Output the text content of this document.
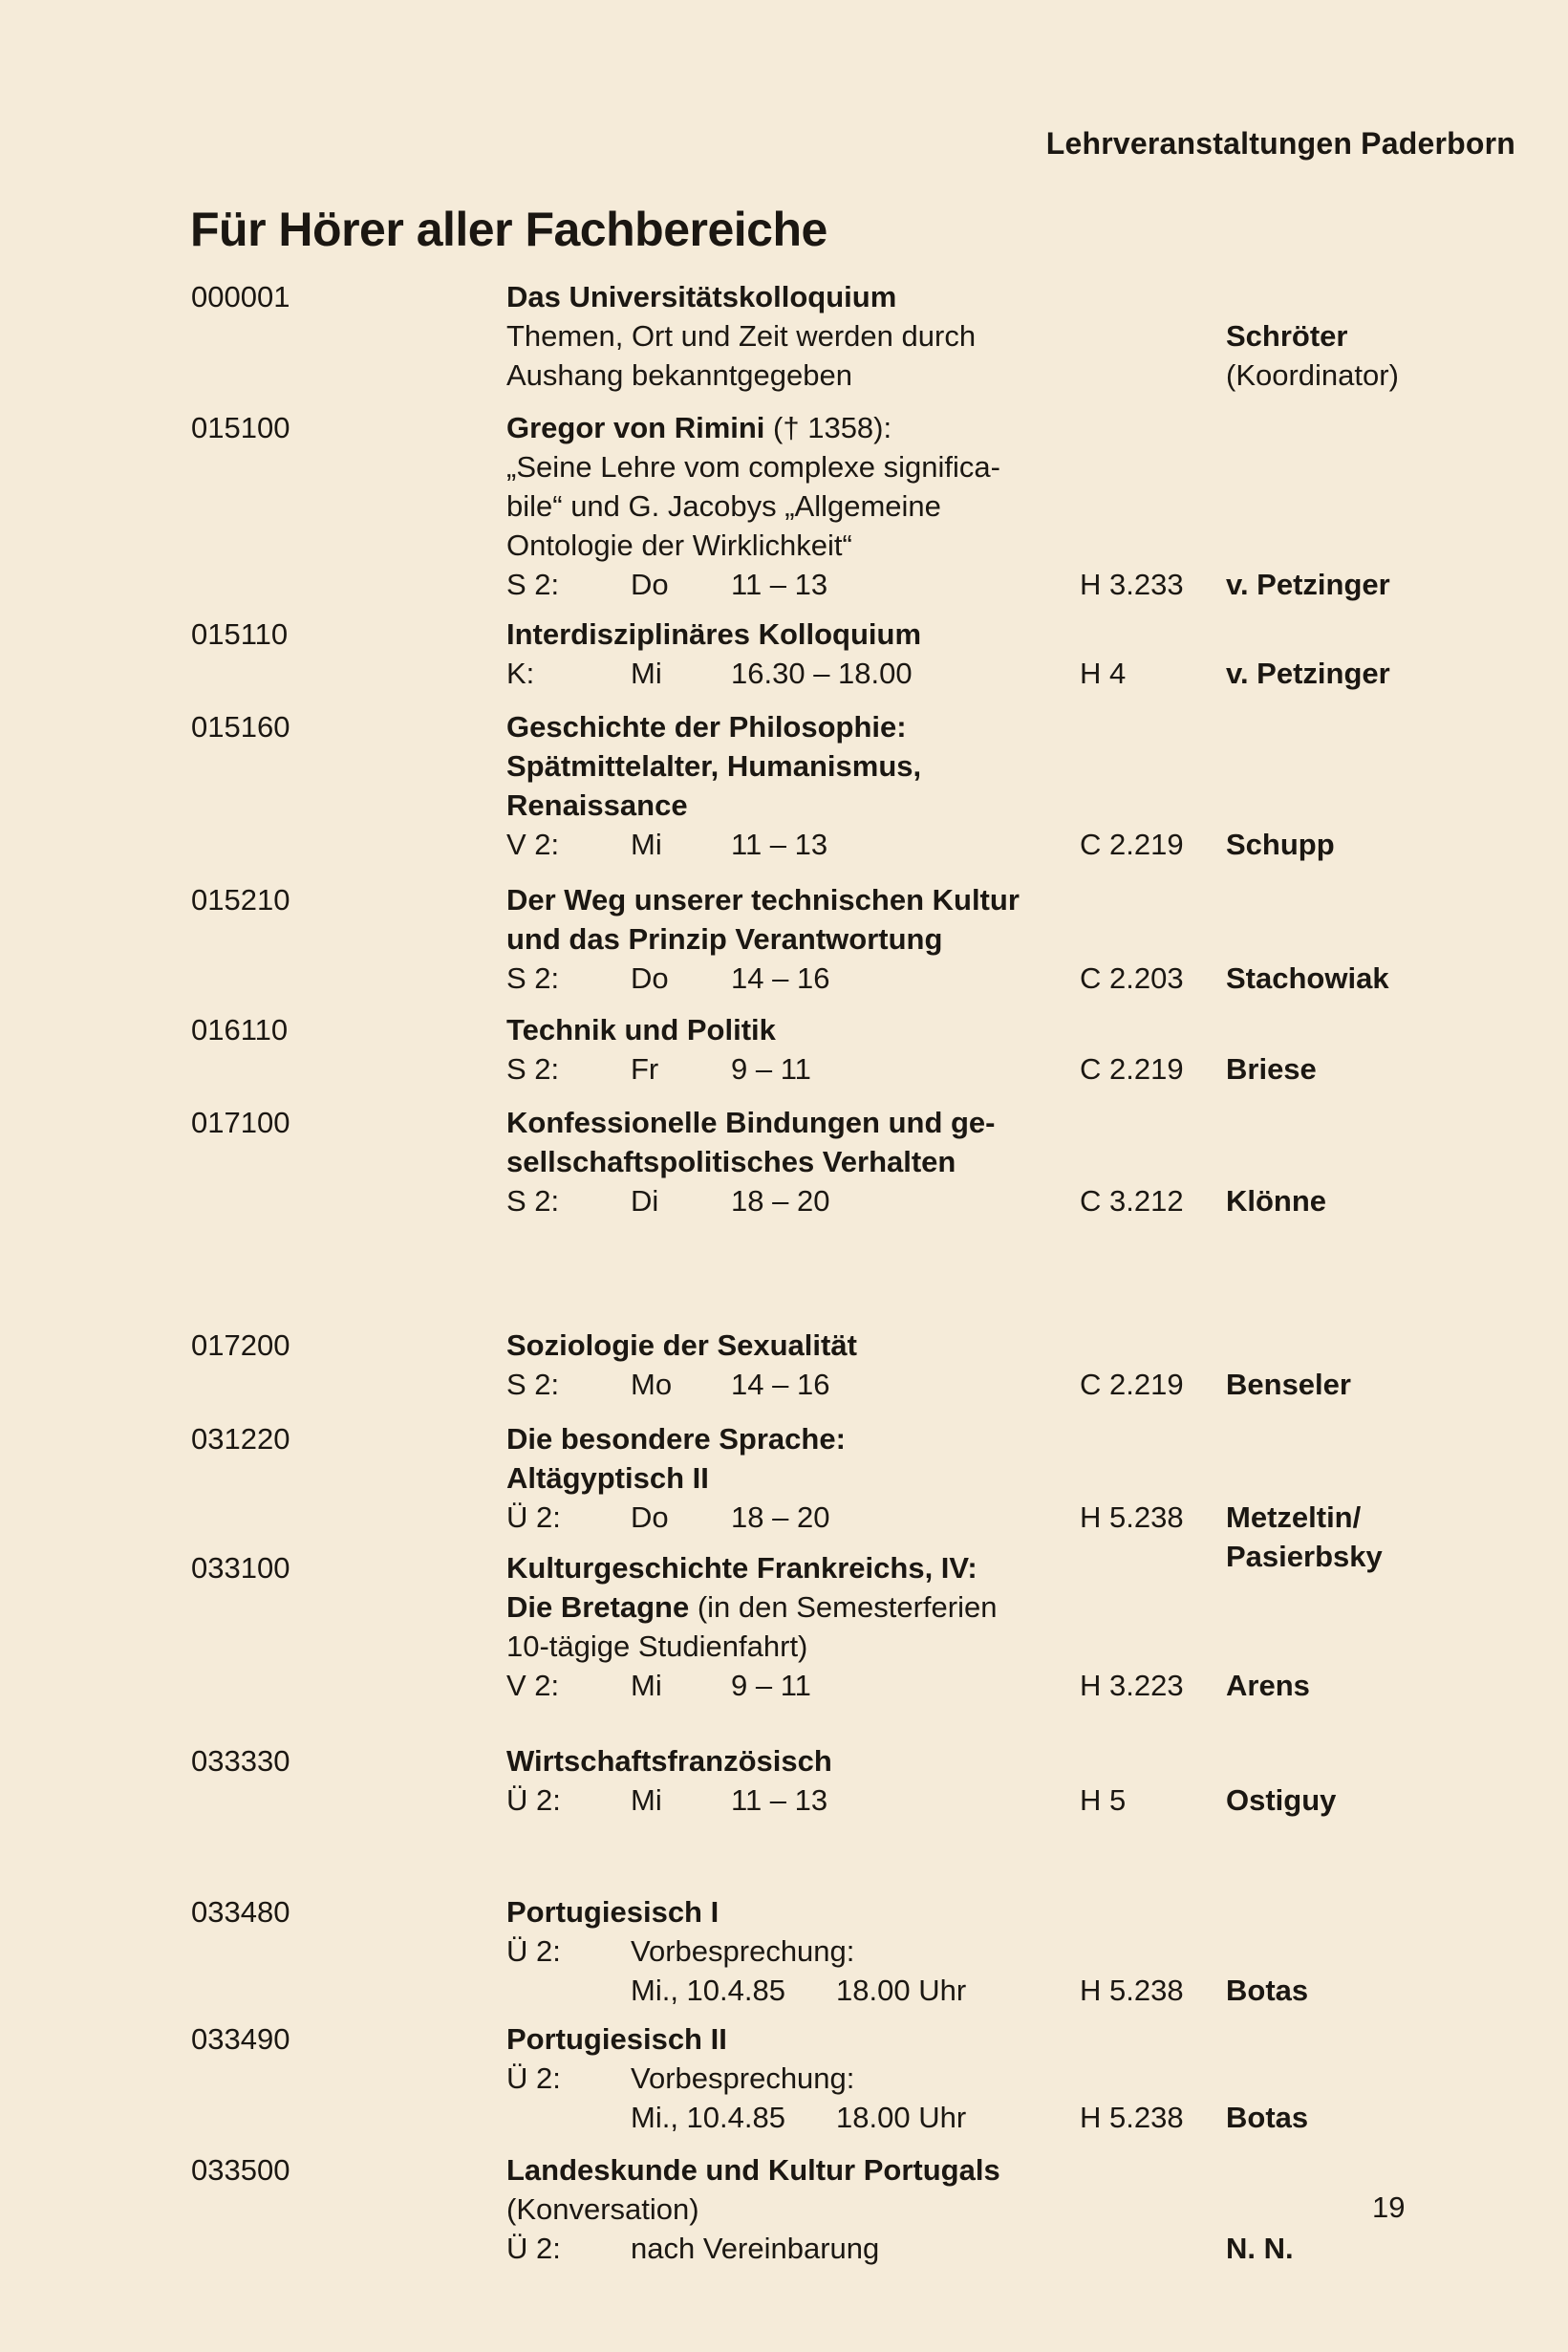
Lehrveranstaltungen Paderborn
Für Hörer aller Fachbereiche
000001	Das Universitätskolloquium
Themen, Ort und Zeit werden durch	Schröter
Aushang bekanntgegeben	(Koordinator)
015100	Gregor von Rimini († 1358):
„Seine Lehre vom complexe significa-
bile“ und G. Jacobys „Allgemeine
Ontologie der Wirklichkeit“
S 2: Do 11 – 13	H 3.233 v. Petzinger
015110	Interdisziplinäres Kolloquium
K:	Mi 16.30 – 18.00	H 4	v. Petzinger
015160	Geschichte der Philosophie:
Spätmittelalter, Humanismus,
Renaissance
V 2: Mi 11 – 13	C 2.219 Schupp
015210	Der Weg unserer technischen Kultur
und das Prinzip Verantwortung
S 2: Do 14 – 16	C 2.203 Stachowiak
016110	Technik und Politik
S 2: Fr 9 – 11	C 2.219 Briese
017100	Konfessionelle Bindungen und ge-
sellschaftspolitisches Verhalten
S 2: Di 18 – 20	C 3.212 Klönne
017200	Soziologie der Sexualität
S 2: Mo 14 – 16	C 2.219 Benseler
031220	Die besondere Sprache:
Altägyptisch II
Ü 2: Do 18 – 20	H 5.238 Metzeltin/
Pasierbsky
033100	Kulturgeschichte Frankreichs, IV:
Die Bretagne (in den Semesterferien
10-tägige Studienfahrt)
V 2: Mi 9 – 11	H 3.223 Arens
033330	Wirtschaftsfranzösisch
Ü 2: Mi 11 – 13	H 5	Ostiguy
033480	Portugiesisch I
Ü 2: Vorbesprechung:
Mi., 10.4.85 18.00 Uhr	H 5.238 Botas
033490	Portugiesisch II
Ü 2: Vorbesprechung:
Mi., 10.4.85 18.00 Uhr	H 5.238 Botas
033500	Landeskunde und Kultur Portugals
(Konversation)
Ü 2: nach Vereinbarung	N. N.
19
